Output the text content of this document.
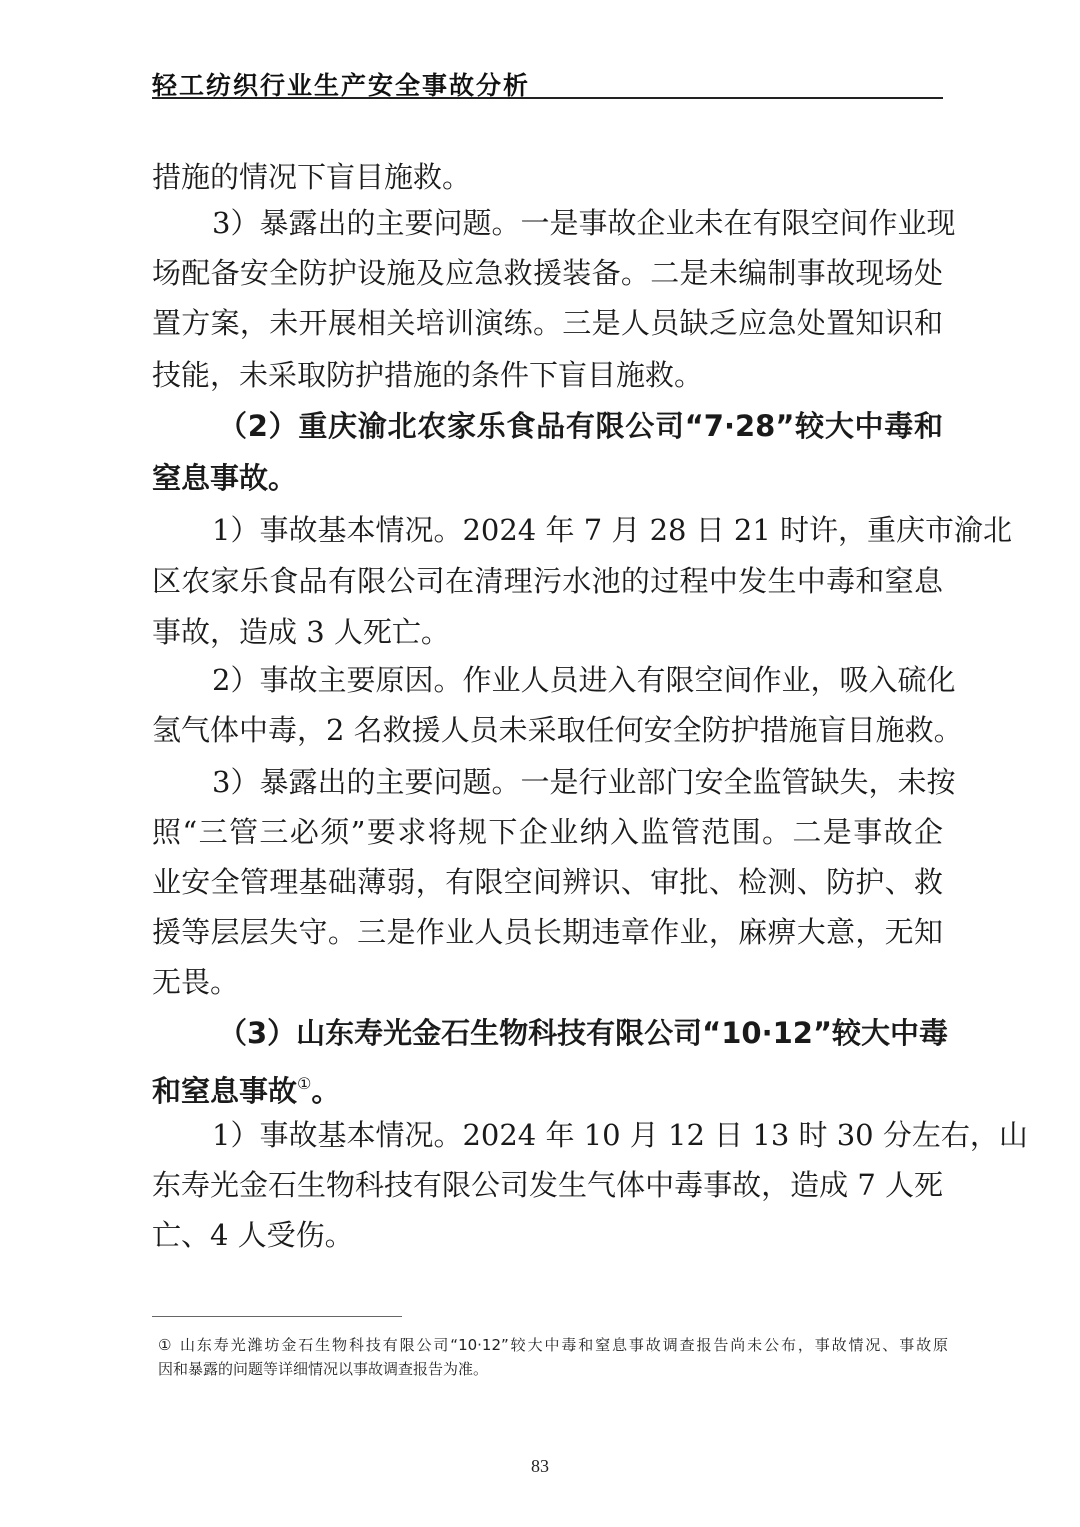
轻工纺织行业生产安全事故分析
措施的情况下盲目施救。
3）暴露出的主要问题。一是事故企业未在有限空间作业现
场配备安全防护设施及应急救援装备。二是未编制事故现场处
置方案，未开展相关培训演练。三是人员缺乏应急处置知识和
技能，未采取防护措施的条件下盲目施救。
（2）重庆渝北农家乐食品有限公司“7·28”较大中毒和
窒息事故。
1）事故基本情况。2024 年 7 月 28 日 21 时许，重庆市渝北
区农家乐食品有限公司在清理污水池的过程中发生中毒和窒息
事故，造成 3 人死亡。
2）事故主要原因。作业人员进入有限空间作业，吸入硫化
氢气体中毒，2 名救援人员未采取任何安全防护措施盲目施救。
3）暴露出的主要问题。一是行业部门安全监管缺失，未按
照“三管三必须”要求将规下企业纳入监管范围。二是事故企
业安全管理基础薄弱，有限空间辨识、审批、检测、防护、救
援等层层失守。三是作业人员长期违章作业，麻痹大意，无知
无畏。
（3）山东寿光金石生物科技有限公司“10·12”较大中毒
和窒息事故①。
1）事故基本情况。2024 年 10 月 12 日 13 时 30 分左右，山
东寿光金石生物科技有限公司发生气体中毒事故，造成 7 人死
亡、4 人受伤。
① 山东寿光潍坊金石生物科技有限公司“10·12”较大中毒和窒息事故调查报告尚未公布，事故情况、事故原
因和暴露的问题等详细情况以事故调查报告为准。
83
